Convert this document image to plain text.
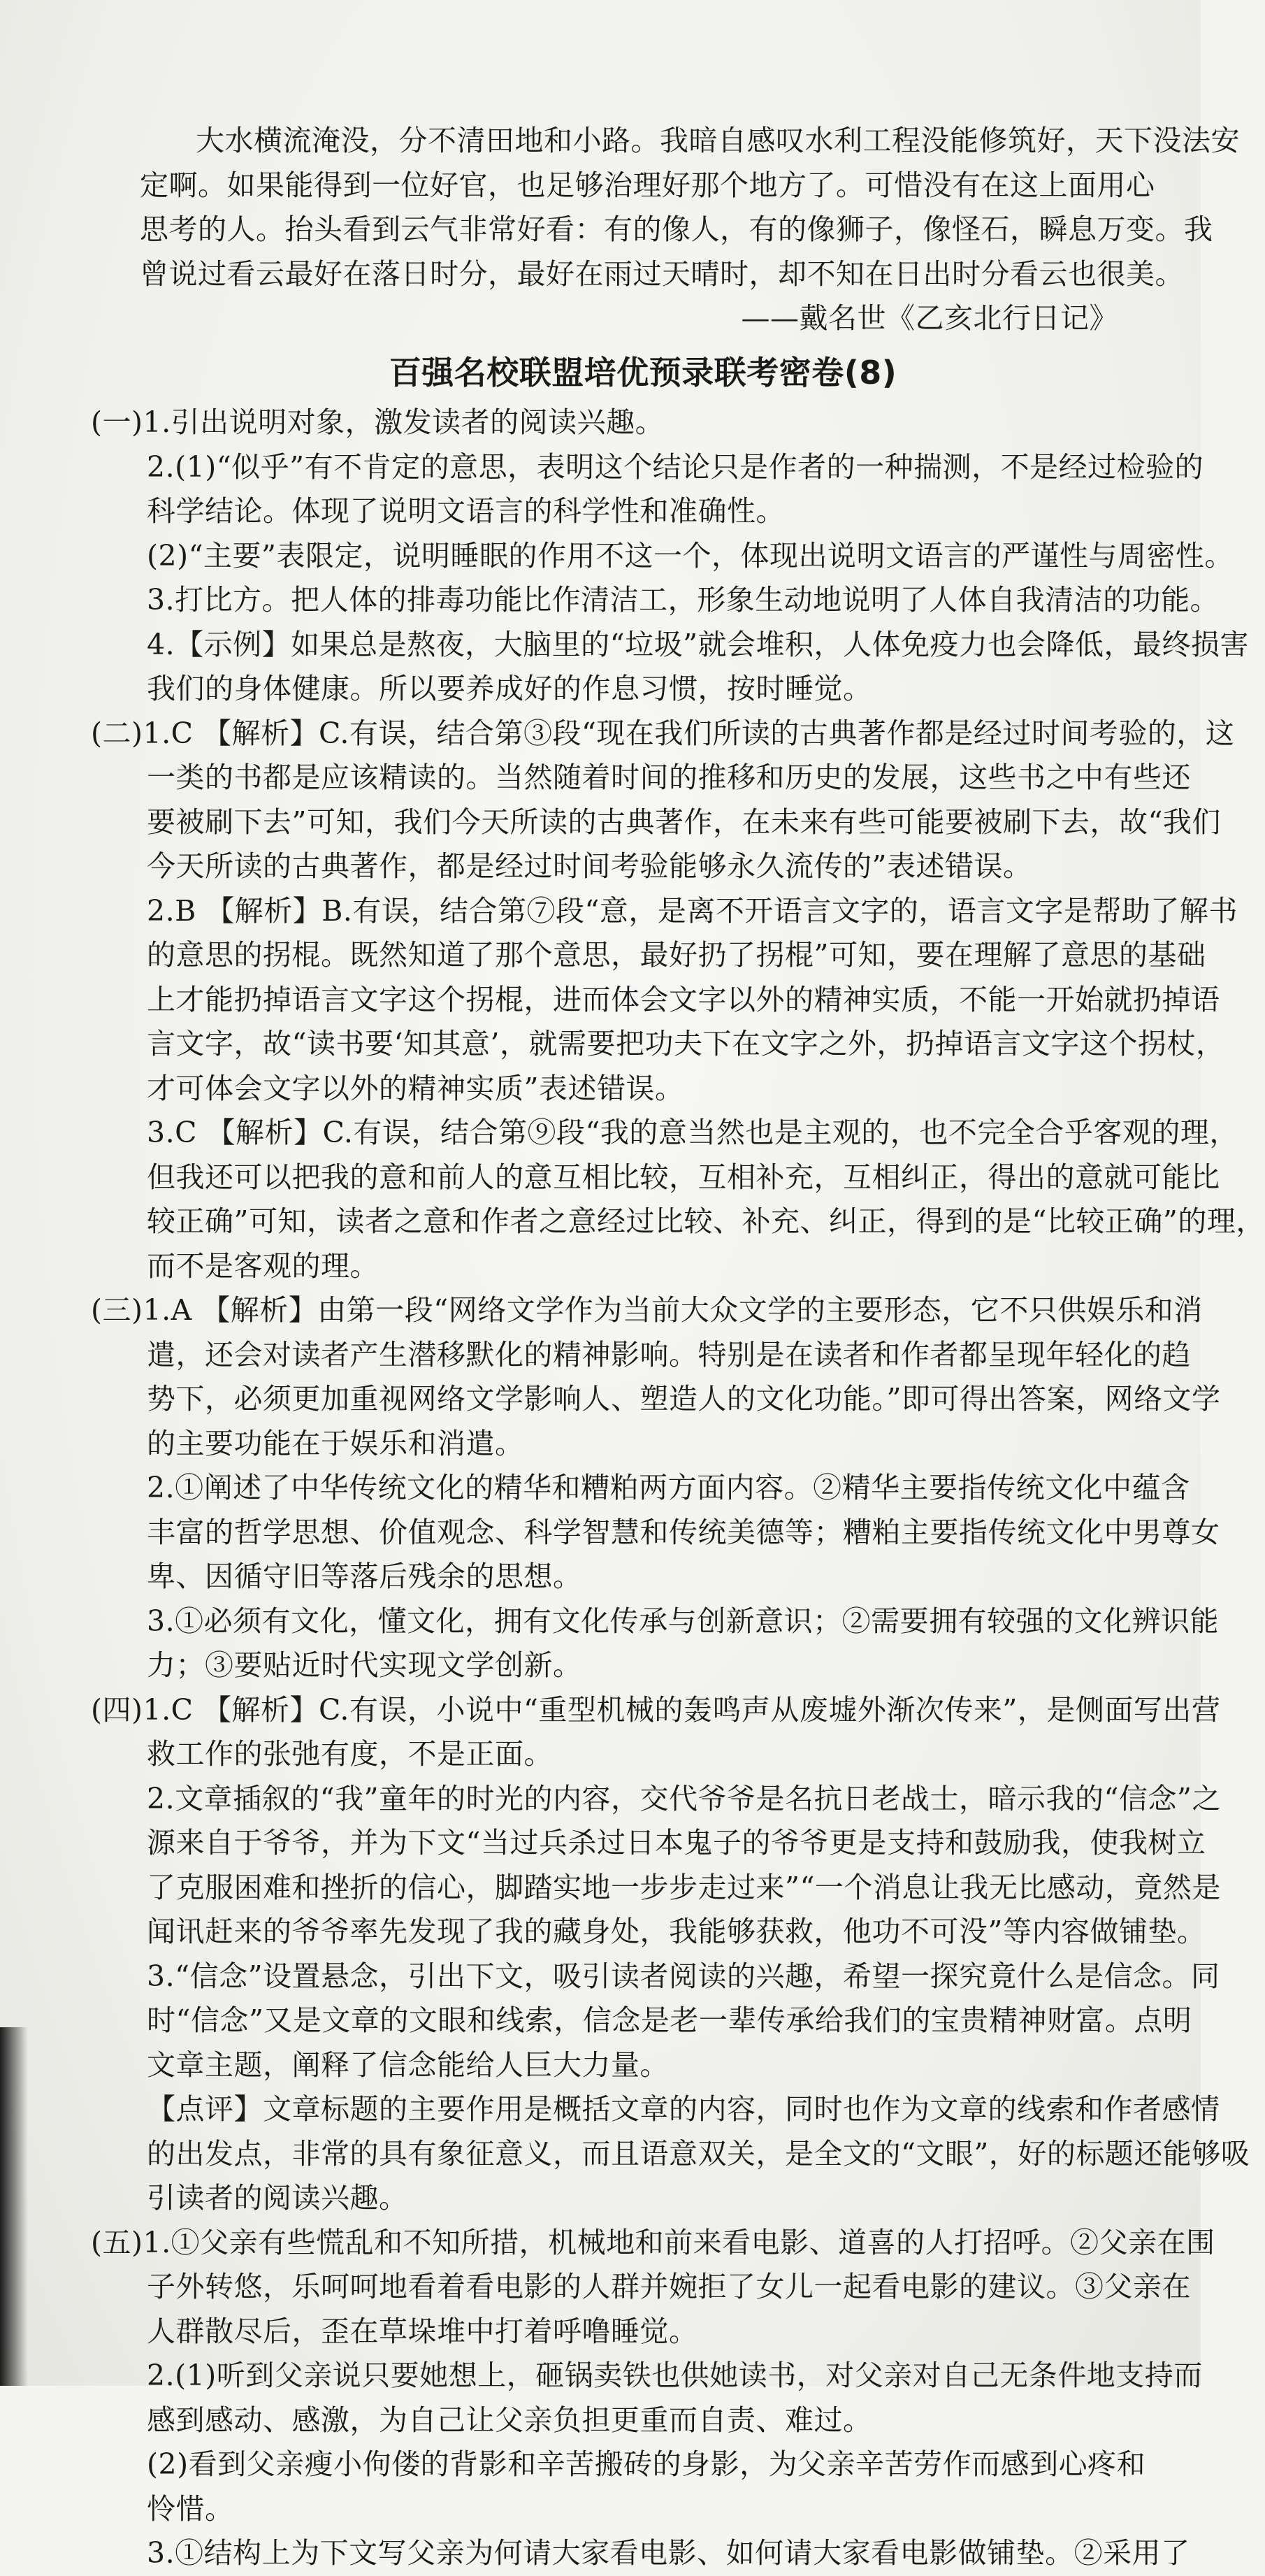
大水横流淹没，分不清田地和小路。我暗自感叹水利工程没能修筑好，天下没法安

定啊。如果能得到一位好官，也足够治理好那个地方了。可惜没有在这上面用心

思考的人。抬头看到云气非常好看：有的像人，有的像狮子，像怪石，瞬息万变。我

曾说过看云最好在落日时分，最好在雨过天晴时，却不知在日出时分看云也很美。

——戴名世《乙亥北行日记》

百强名校联盟培优预录联考密卷(8)

(一)1.引出说明对象，激发读者的阅读兴趣。

2.(1)“似乎”有不肯定的意思，表明这个结论只是作者的一种揣测，不是经过检验的

科学结论。体现了说明文语言的科学性和准确性。

(2)“主要”表限定，说明睡眠的作用不这一个，体现出说明文语言的严谨性与周密性。

3.打比方。把人体的排毒功能比作清洁工，形象生动地说明了人体自我清洁的功能。

4.【示例】如果总是熬夜，大脑里的“垃圾”就会堆积，人体免疫力也会降低，最终损害

我们的身体健康。所以要养成好的作息习惯，按时睡觉。

(二)1.C 【解析】C.有误，结合第③段“现在我们所读的古典著作都是经过时间考验的，这

一类的书都是应该精读的。当然随着时间的推移和历史的发展，这些书之中有些还

要被刷下去”可知，我们今天所读的古典著作，在未来有些可能要被刷下去，故“我们

今天所读的古典著作，都是经过时间考验能够永久流传的”表述错误。

2.B 【解析】B.有误，结合第⑦段“意，是离不开语言文字的，语言文字是帮助了解书

的意思的拐棍。既然知道了那个意思，最好扔了拐棍”可知，要在理解了意思的基础

上才能扔掉语言文字这个拐棍，进而体会文字以外的精神实质，不能一开始就扔掉语

言文字，故“读书要‘知其意’，就需要把功夫下在文字之外，扔掉语言文字这个拐杖，

才可体会文字以外的精神实质”表述错误。

3.C 【解析】C.有误，结合第⑨段“我的意当然也是主观的，也不完全合乎客观的理，

但我还可以把我的意和前人的意互相比较，互相补充，互相纠正，得出的意就可能比

较正确”可知，读者之意和作者之意经过比较、补充、纠正，得到的是“比较正确”的理，

而不是客观的理。

(三)1.A 【解析】由第一段“网络文学作为当前大众文学的主要形态，它不只供娱乐和消

遣，还会对读者产生潜移默化的精神影响。特别是在读者和作者都呈现年轻化的趋

势下，必须更加重视网络文学影响人、塑造人的文化功能。”即可得出答案，网络文学

的主要功能在于娱乐和消遣。

2.①阐述了中华传统文化的精华和糟粕两方面内容。②精华主要指传统文化中蕴含

丰富的哲学思想、价值观念、科学智慧和传统美德等；糟粕主要指传统文化中男尊女

卑、因循守旧等落后残余的思想。

3.①必须有文化，懂文化，拥有文化传承与创新意识；②需要拥有较强的文化辨识能

力；③要贴近时代实现文学创新。

(四)1.C 【解析】C.有误，小说中“重型机械的轰鸣声从废墟外渐次传来”，是侧面写出营

救工作的张弛有度，不是正面。

2.文章插叙的“我”童年的时光的内容，交代爷爷是名抗日老战士，暗示我的“信念”之

源来自于爷爷，并为下文“当过兵杀过日本鬼子的爷爷更是支持和鼓励我，使我树立

了克服困难和挫折的信心，脚踏实地一步步走过来”“一个消息让我无比感动，竟然是

闻讯赶来的爷爷率先发现了我的藏身处，我能够获救，他功不可没”等内容做铺垫。

3.“信念”设置悬念，引出下文，吸引读者阅读的兴趣，希望一探究竟什么是信念。同

时“信念”又是文章的文眼和线索，信念是老一辈传承给我们的宝贵精神财富。点明

文章主题，阐释了信念能给人巨大力量。

【点评】文章标题的主要作用是概括文章的内容，同时也作为文章的线索和作者感情

的出发点，非常的具有象征意义，而且语意双关，是全文的“文眼”，好的标题还能够吸

引读者的阅读兴趣。

(五)1.①父亲有些慌乱和不知所措，机械地和前来看电影、道喜的人打招呼。②父亲在围

子外转悠，乐呵呵地看着看电影的人群并婉拒了女儿一起看电影的建议。③父亲在

人群散尽后，歪在草垛堆中打着呼噜睡觉。

2.(1)听到父亲说只要她想上，砸锅卖铁也供她读书，对父亲对自己无条件地支持而

感到感动、感激，为自己让父亲负担更重而自责、难过。

(2)看到父亲瘦小佝偻的背影和辛苦搬砖的身影，为父亲辛苦劳作而感到心疼和

怜惜。

3.①结构上为下文写父亲为何请大家看电影、如何请大家看电影做铺垫。②采用了
